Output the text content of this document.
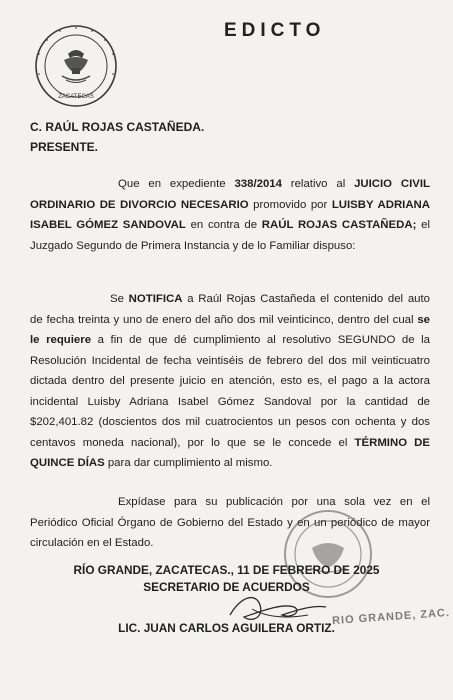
ZACATECAS
EDICTO
C. RAÚL ROJAS CASTAÑEDA.
PRESENTE.

Que en expediente 338/2014 relativo al JUICIO CIVIL ORDINARIO DE DIVORCIO NECESARIO promovido por LUISBY ADRIANA ISABEL GÓMEZ SANDOVAL en contra de RAÚL ROJAS CASTAÑEDA; el Juzgado Segundo de Primera Instancia y de lo Familiar dispuso:

Se NOTIFICA a Raúl Rojas Castañeda el contenido del auto de fecha treinta y uno de enero del año dos mil veinticinco, dentro del cual se le requiere a fin de que dé cumplimiento al resolutivo SEGUNDO de la Resolución Incidental de fecha veintiséis de febrero del dos mil veinticuatro dictada dentro del presente juicio en atención, esto es, el pago a la actora incidental Luisby Adriana Isabel Gómez Sandoval por la cantidad de $202,401.82 (doscientos dos mil cuatrocientos un pesos con ochenta y dos centavos moneda nacional), por lo que se le concede el TÉRMINO DE QUINCE DÍAS para dar cumplimiento al mismo.

Expídase para su publicación por una sola vez en el Periódico Oficial Órgano de Gobierno del Estado y en un periódico de mayor circulación en el Estado.

RÍO GRANDE, ZACATECAS., 11 DE FEBRERO DE 2025
SECRETARIO DE ACUERDOS
LIC. JUAN CARLOS AGUILERA ORTIZ.
RIO GRANDE, ZAC.
